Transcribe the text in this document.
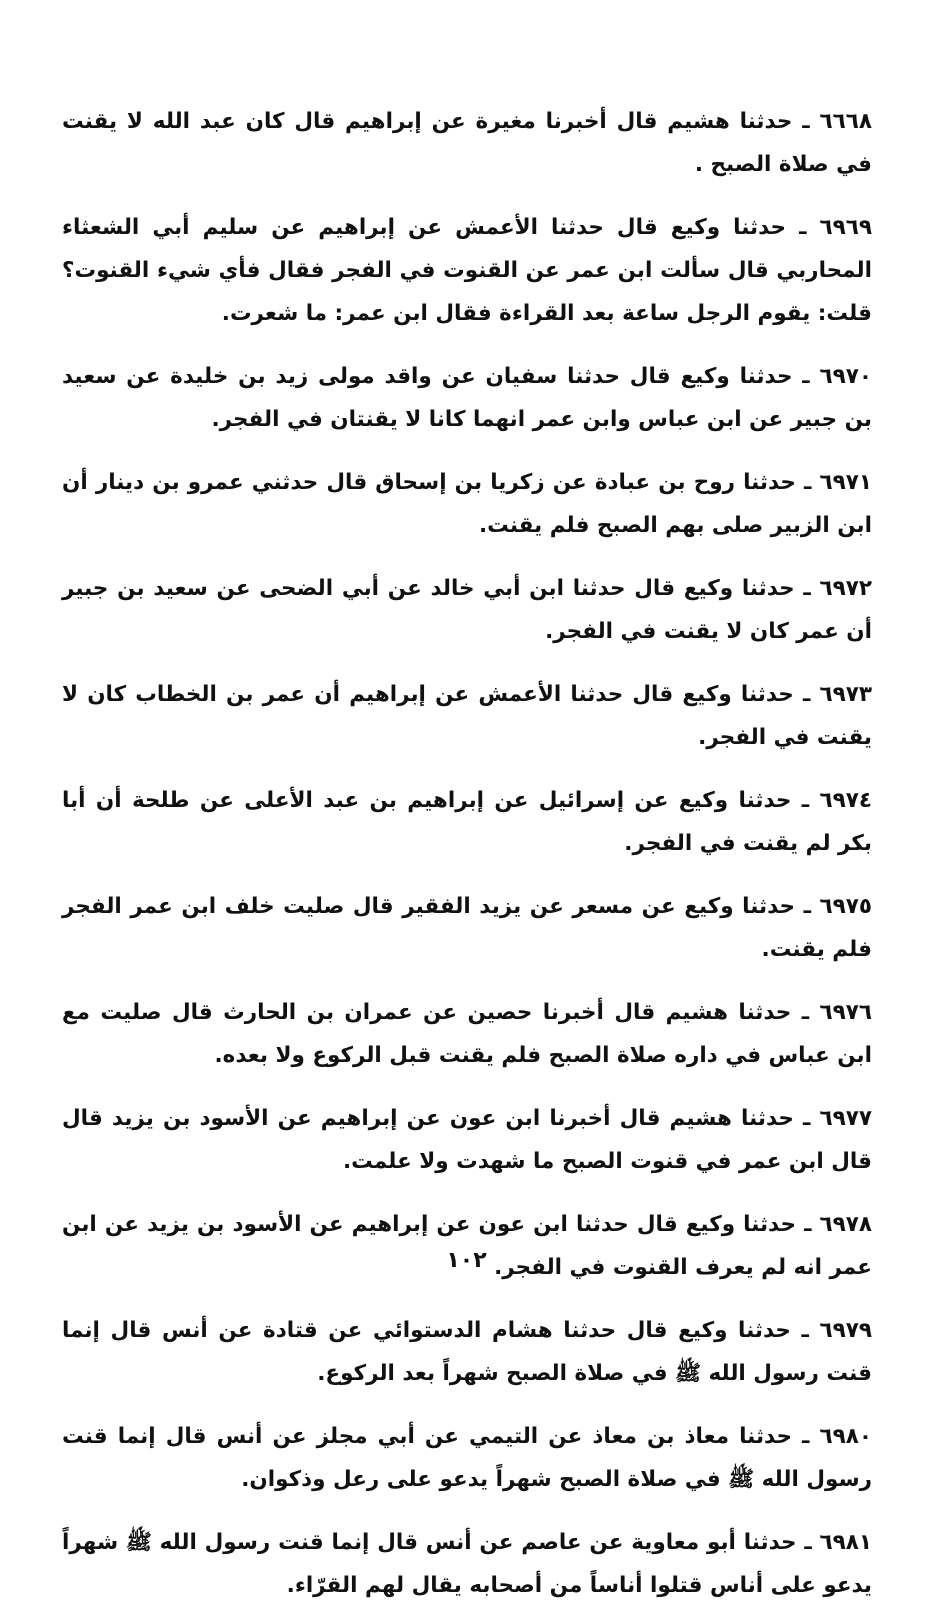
٦٦٦٨ ـ حدثنا هشيم قال أخبرنا مغيرة عن إبراهيم قال كان عبد الله لا يقنت في صلاة الصبح .

٦٩٦٩ ـ حدثنا وكيع قال حدثنا الأعمش عن إبراهيم عن سليم أبي الشعثاء المحاربي قال سألت ابن عمر عن القنوت في الفجر فقال فأي شيء القنوت؟ قلت: يقوم الرجل ساعة بعد القراءة فقال ابن عمر: ما شعرت.

٦٩٧٠ ـ حدثنا وكيع قال حدثنا سفيان عن واقد مولى زيد بن خليدة عن سعيد بن جبير عن ابن عباس وابن عمر انهما كانا لا يقنتان في الفجر.

٦٩٧١ ـ حدثنا روح بن عبادة عن زكريا بن إسحاق قال حدثني عمرو بن دينار أن ابن الزبير صلى بهم الصبح فلم يقنت.

٦٩٧٢ ـ حدثنا وكيع قال حدثنا ابن أبي خالد عن أبي الضحى عن سعيد بن جبير أن عمر كان لا يقنت في الفجر.

٦٩٧٣ ـ حدثنا وكيع قال حدثنا الأعمش عن إبراهيم أن عمر بن الخطاب كان لا يقنت في الفجر.

٦٩٧٤ ـ حدثنا وكيع عن إسرائيل عن إبراهيم بن عبد الأعلى عن طلحة أن أبا بكر لم يقنت في الفجر.

٦٩٧٥ ـ حدثنا وكيع عن مسعر عن يزيد الفقير قال صليت خلف ابن عمر الفجر فلم يقنت.

٦٩٧٦ ـ حدثنا هشيم قال أخبرنا حصين عن عمران بن الحارث قال صليت مع ابن عباس في داره صلاة الصبح فلم يقنت قبل الركوع ولا بعده.

٦٩٧٧ ـ حدثنا هشيم قال أخبرنا ابن عون عن إبراهيم عن الأسود بن يزيد قال قال ابن عمر في قنوت الصبح ما شهدت ولا علمت.

٦٩٧٨ ـ حدثنا وكيع قال حدثنا ابن عون عن إبراهيم عن الأسود بن يزيد عن ابن عمر انه لم يعرف القنوت في الفجر.

٦٩٧٩ ـ حدثنا وكيع قال حدثنا هشام الدستوائي عن قتادة عن أنس قال إنما قنت رسول الله ﷺ في صلاة الصبح شهراً بعد الركوع.

٦٩٨٠ ـ حدثنا معاذ بن معاذ عن التيمي عن أبي مجلز عن أنس قال إنما قنت رسول الله ﷺ في صلاة الصبح شهراً يدعو على رعل وذكوان.

٦٩٨١ ـ حدثنا أبو معاوية عن عاصم عن أنس قال إنما قنت رسول الله ﷺ شهراً يدعو على أناس قتلوا أناساً من أصحابه يقال لهم القرّاء.

١٠٢
